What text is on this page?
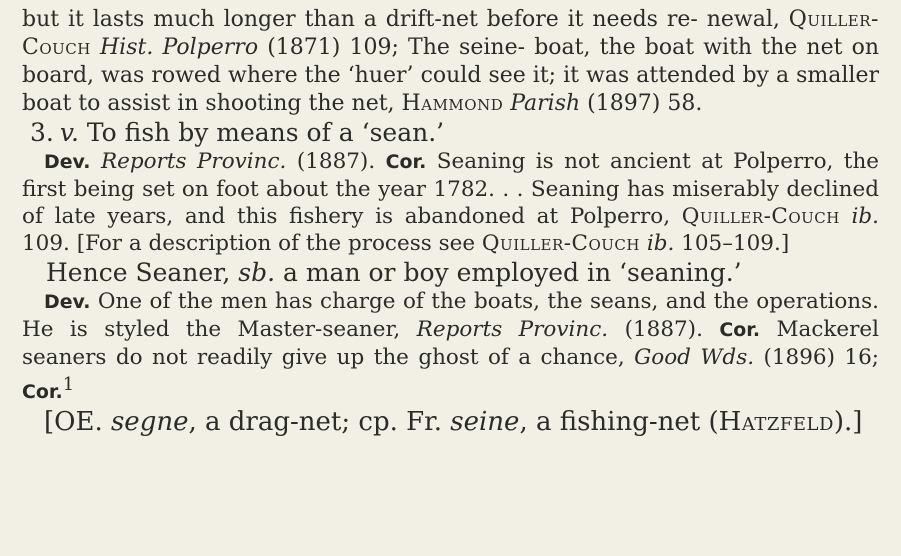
but it lasts much longer than a drift-net before it needs re- newal, Quiller-Couch Hist. Polperro (1871) 109; The seine- boat, the boat with the net on board, was rowed where the ‘huer’ could see it; it was attended by a smaller boat to assist in shooting the net, Hammond Parish (1897) 58.

3. v. To fish by means of a ‘sean.’

Dev. Reports Provinc. (1887). Cor. Seaning is not ancient at Polperro, the first being set on foot about the year 1782. . . Seaning has miserably declined of late years, and this fishery is abandoned at Polperro, Quiller-Couch ib. 109. [For a description of the process see Quiller-Couch ib. 105–109.]

Hence Seaner, sb. a man or boy employed in ‘seaning.’

Dev. One of the men has charge of the boats, the seans, and the operations. He is styled the Master-seaner, Reports Provinc. (1887). Cor. Mackerel seaners do not readily give up the ghost of a chance, Good Wds. (1896) 16; Cor.$^1$

[OE. segne, a drag-net; cp. Fr. seine, a fishing-net (Hatzfeld).]
